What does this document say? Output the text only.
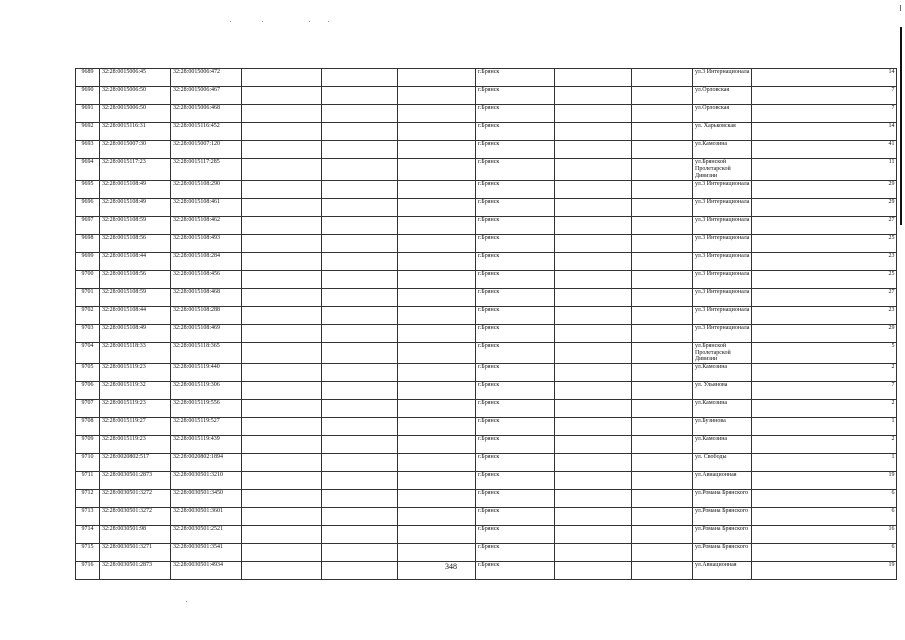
9689	32:28:0015006:45	32:28:0015006:472				г.Брянск			ул.3 Интернационала	14
9690	32:28:0015006:50	32:28:0015006:467				г.Брянск			ул.Орловская	7
9691	32:28:0015006:50	32:28:0015006:468				г.Брянск			ул.Орловская	7
9692	32:28:0015116:31	32:28:0015116:452				г.Брянск			ул. Харьковская	14
9693	32:28:0015007:30	32:28:0015007:120				г.Брянск			ул.Камозина	41
9694	32:28:0015117:23	32:28:0015117:285				г.Брянск			ул.Брянской Пролетарской Дивизии	11
9695	32:28:0015108:49	32:28:0015108:290				г.Брянск			ул.3 Интернационала	29
9696	32:28:0015108:49	32:28:0015108:461				г.Брянск			ул.3 Интернационала	29
9697	32:28:0015108:59	32:28:0015108:462				г.Брянск			ул.3 Интернационала	27
9698	32:28:0015108:56	32:28:0015108:493				г.Брянск			ул.3 Интернационала	25
9699	32:28:0015108:44	32:28:0015108:284				г.Брянск			ул.3 Интернационала	23
9700	32:28:0015108:56	32:28:0015108:456				г.Брянск			ул.3 Интернационала	25
9701	32:28:0015108:59	32:28:0015108:468				г.Брянск			ул.3 Интернационала	27
9702	32:28:0015108:44	32:28:0015108:288				г.Брянск			ул.3 Интернационала	23
9703	32:28:0015108:49	32:28:0015108:469				г.Брянск			ул.3 Интернационала	29
9704	32:28:0015118:33	32:28:0015118:365				г.Брянск			ул.Брянской Пролетарской Дивизии	5
9705	32:28:0015119:23	32:28:0015119:440				г.Брянск			ул.Камозина	2
9706	32:28:0015119:32	32:28:0015119:306				г.Брянск			ул. Ульянова	7
9707	32:28:0015119:23	32:28:0015119:556				г.Брянск			ул.Камозина	2
9708	32:28:0015119:27	32:28:0015119:527				г.Брянск			ул.Бузинова	1
9709	32:28:0015119:23	32:28:0015119:439				г.Брянск			ул.Камозина	2
9710	32:28:0020802:517	32:28:0020802:1894				г.Брянск			ул. Свободы	1
9711	32:28:0030501:2873	32:28:0030501:3210				г.Брянск			ул.Авиационная	19
9712	32:28:0030501:3272	32:28:0030501:3450				г.Брянск			ул.Романа Брянского	6
9713	32:28:0030501:3272	32:28:0030501:3601				г.Брянск			ул.Романа Брянского	6
9714	32:28:0030501:98	32:28:0030501:2521				г.Брянск			ул.Романа Брянского	16
9715	32:28:0030501:3271	32:28:0030501:3541				г.Брянск			ул.Романа Брянского	6
9716	32:28:0030501:2873	32:28:0030501:4934				г.Брянск			ул.Авиационная	19
348
